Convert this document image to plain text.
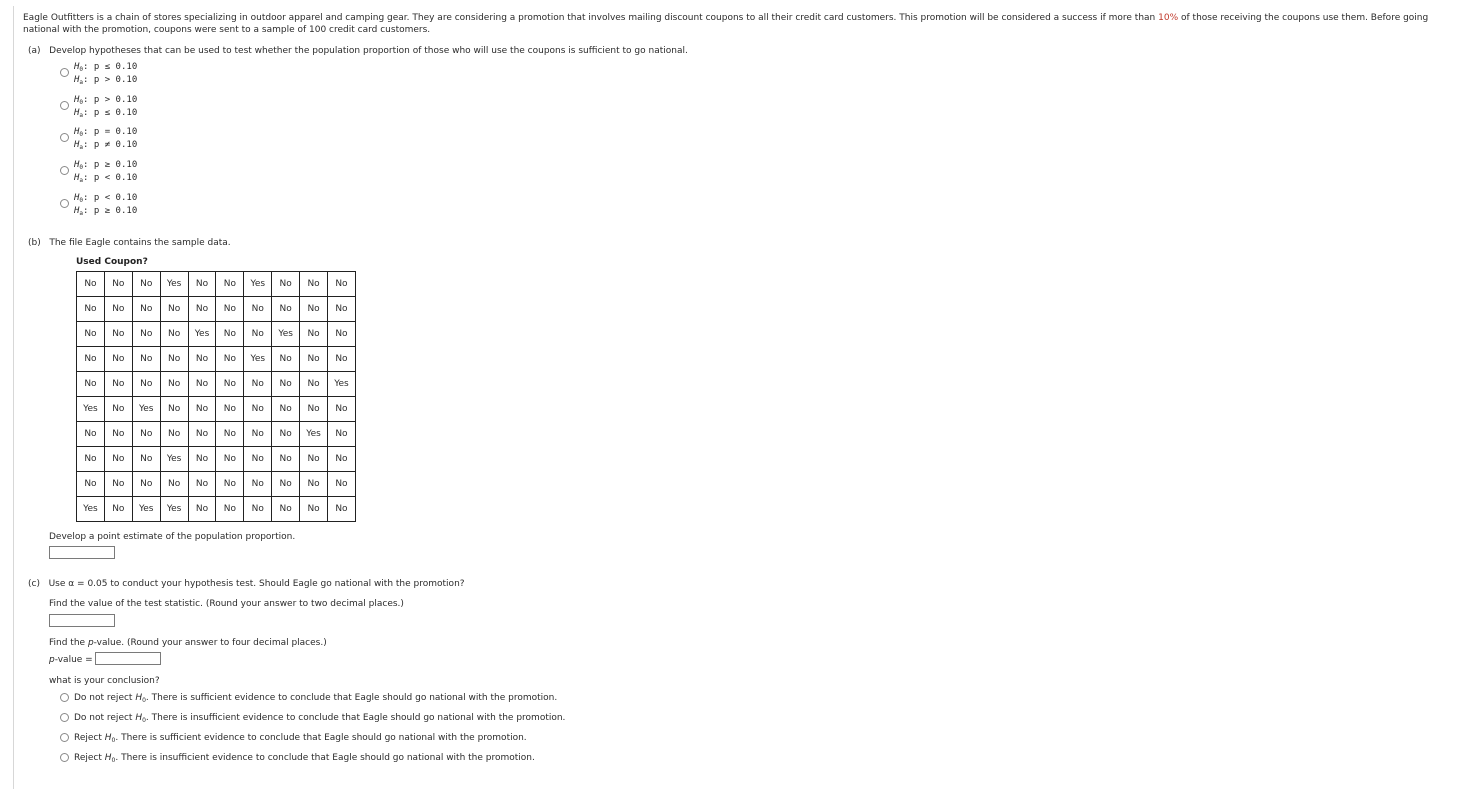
Eagle Outfitters is a chain of stores specializing in outdoor apparel and camping gear. They are considering a promotion that involves mailing discount coupons to all their credit card customers. This promotion will be considered a success if more than 10% of those receiving the coupons use them. Before going national with the promotion, coupons were sent to a sample of 100 credit card customers.
(a) Develop hypotheses that can be used to test whether the population proportion of those who will use the coupons is sufficient to go national.
$H_0$: p ≤ 0.10
$H_a$: p > 0.10
$H_0$: p > 0.10
$H_a$: p ≤ 0.10
$H_0$: p = 0.10
$H_a$: p ≠ 0.10
$H_0$: p ≥ 0.10
$H_a$: p < 0.10
$H_0$: p < 0.10
$H_a$: p ≥ 0.10
(b) The file Eagle contains the sample data.
Used Coupon?
No	No	No	Yes	No	No	Yes	No	No	No
No	No	No	No	No	No	No	No	No	No
No	No	No	No	Yes	No	No	Yes	No	No
No	No	No	No	No	No	Yes	No	No	No
No	No	No	No	No	No	No	No	No	Yes
Yes	No	Yes	No	No	No	No	No	No	No
No	No	No	No	No	No	No	No	Yes	No
No	No	No	Yes	No	No	No	No	No	No
No	No	No	No	No	No	No	No	No	No
Yes	No	Yes	Yes	No	No	No	No	No	No
Develop a point estimate of the population proportion.
(c) Use α = 0.05 to conduct your hypothesis test. Should Eagle go national with the promotion?
Find the value of the test statistic. (Round your answer to two decimal places.)
Find the p-value. (Round your answer to four decimal places.)
p-value =
what is your conclusion?
Do not reject $H_0$. There is sufficient evidence to conclude that Eagle should go national with the promotion.
Do not reject $H_0$. There is insufficient evidence to conclude that Eagle should go national with the promotion.
Reject $H_0$. There is sufficient evidence to conclude that Eagle should go national with the promotion.
Reject $H_0$. There is insufficient evidence to conclude that Eagle should go national with the promotion.
